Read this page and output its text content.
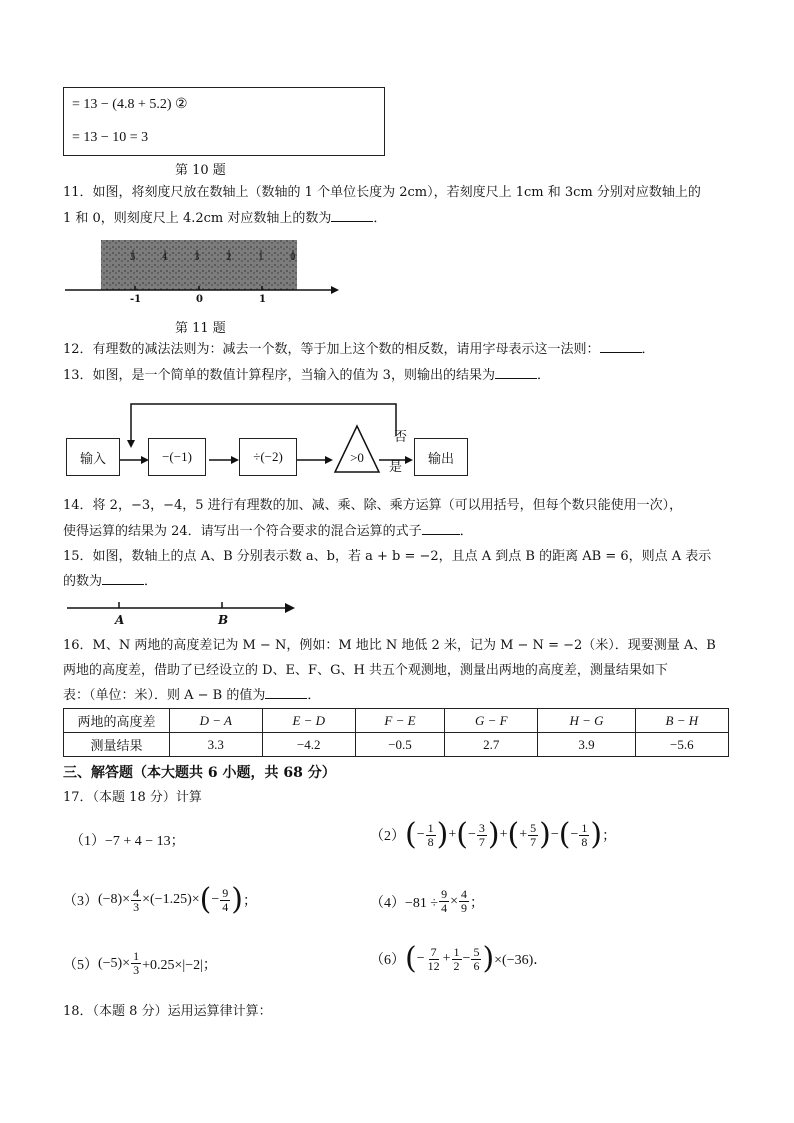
= 13 − (4.8 + 5.2) ②
= 13 − 10 = 3
第 10 题
11．如图，将刻度尺放在数轴上（数轴的 1 个单位长度为 2cm），若刻度尺上 1cm 和 3cm 分别对应数轴上的
1 和 0，则刻度尺上 4.2cm 对应数轴上的数为	．
5	4	3	2	1	0
-1	0	1
第 11 题
12．有理数的减法法则为：减去一个数，等于加上这个数的相反数，请用字母表示这一法则：	．
13．如图，是一个简单的数值计算程序，当输入的值为 3，则输出的结果为	．
输入	−(−1)	÷(−2)	>0
否
是
输出
14．将 2，−3，−4，5 进行有理数的加、减、乘、除、乘方运算（可以用括号，但每个数只能使用一次），
使得运算的结果为 24．请写出一个符合要求的混合运算的式子	．
15．如图，数轴上的点 A、B 分别表示数 a、b，若 a + b = −2，且点 A 到点 B 的距离 AB = 6，则点 A 表示
的数为	．
A	B
16．M、N 两地的高度差记为 M − N，例如：M 地比 N 地低 2 米，记为 M − N = −2（米）．现要测量 A、B
两地的高度差，借助了已经设立的 D、E、F、G、H 共五个观测地，测量出两地的高度差，测量结果如下
表：（单位：米）．则 A − B 的值为	．
两地的高度差	D − A	E − D	F − E	G − F	H − G	B − H
测量结果	3.3	−4.2	−0.5	2.7	3.9	−5.6
三、解答题（本大题共 6 小题，共 68 分）
17．（本题 18 分）计算
（1）−7 + 4 − 13；	（2） ( − $\frac{1}{8}$ ) + ( − $\frac{3}{7}$ ) + ( + $\frac{5}{7}$ ) − ( − $\frac{1}{8}$ ) ；
（3） $(-8)\times \frac{4}{3} \times(-1.25)\times$ ( − $\frac{9}{4}$ ) ；	$(4)-81 \div \frac{9}{4} \times \frac{4}{9}$ ；
（5） $(-5)\times \frac{1}{3} +0.25\times|-2|$；	（6） ( − $\frac{7}{12} + \frac{1}{2} - \frac{5}{6}$ ) ×(−36)．
18．（本题 8 分）运用运算律计算：
